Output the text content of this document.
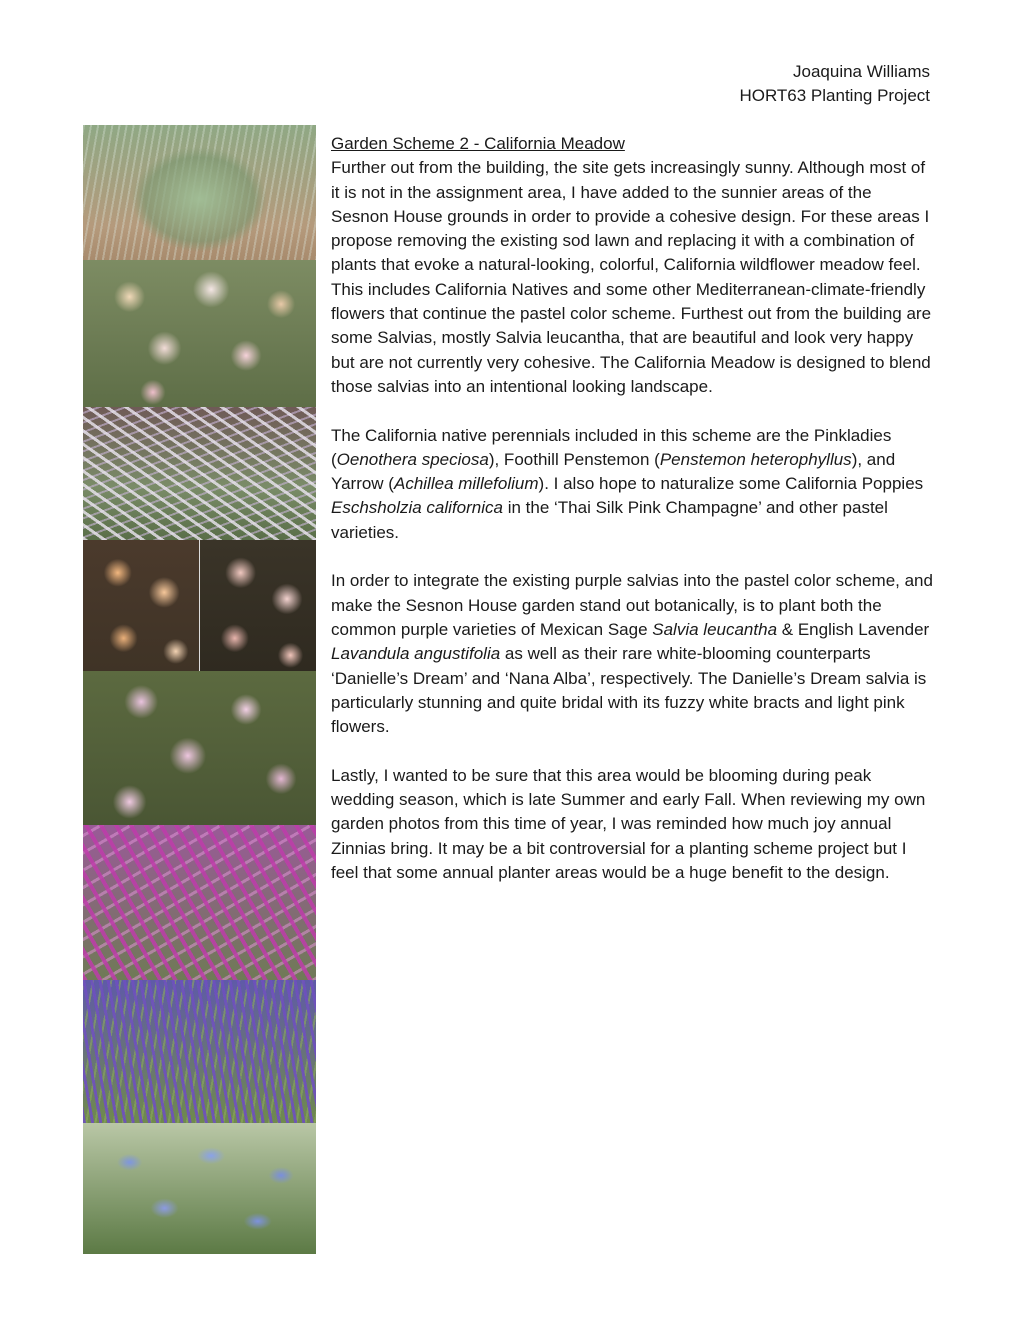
Joaquina Williams
HORT63 Planting Project
Garden Scheme 2 - California Meadow

Further out from the building, the site gets increasingly sunny. Although most of it is not in the assignment area, I have added to the sunnier areas of the Sesnon House grounds in order to provide a cohesive design. For these areas I propose removing the existing sod lawn and replacing it with a combination of plants that evoke a natural-looking, colorful, California wildflower meadow feel. This includes California Natives and some other Mediterranean-climate-friendly flowers that continue the pastel color scheme. Furthest out from the building are some Salvias, mostly Salvia leucantha, that are beautiful and look very happy but are not currently very cohesive. The California Meadow is designed to blend those salvias into an intentional looking landscape.

The California native perennials included in this scheme are the Pinkladies (Oenothera speciosa), Foothill Penstemon (Penstemon heterophyllus), and Yarrow (Achillea millefolium). I also hope to naturalize some California Poppies Eschsholzia californica in the ‘Thai Silk Pink Champagne’ and other pastel varieties.

In order to integrate the existing purple salvias into the pastel color scheme, and make the Sesnon House garden stand out botanically, is to plant both the common purple varieties of Mexican Sage Salvia leucantha & English Lavender Lavandula angustifolia as well as their rare white-blooming counterparts ‘Danielle’s Dream’ and ‘Nana Alba’, respectively. The Danielle’s Dream salvia is particularly stunning and quite bridal with its fuzzy white bracts and light pink flowers.

Lastly, I wanted to be sure that this area would be blooming during peak wedding season, which is late Summer and early Fall. When reviewing my own garden photos from this time of year, I was reminded how much joy annual Zinnias bring. It may be a bit controversial for a planting scheme project but I feel that some annual planter areas would be a huge benefit to the design.
